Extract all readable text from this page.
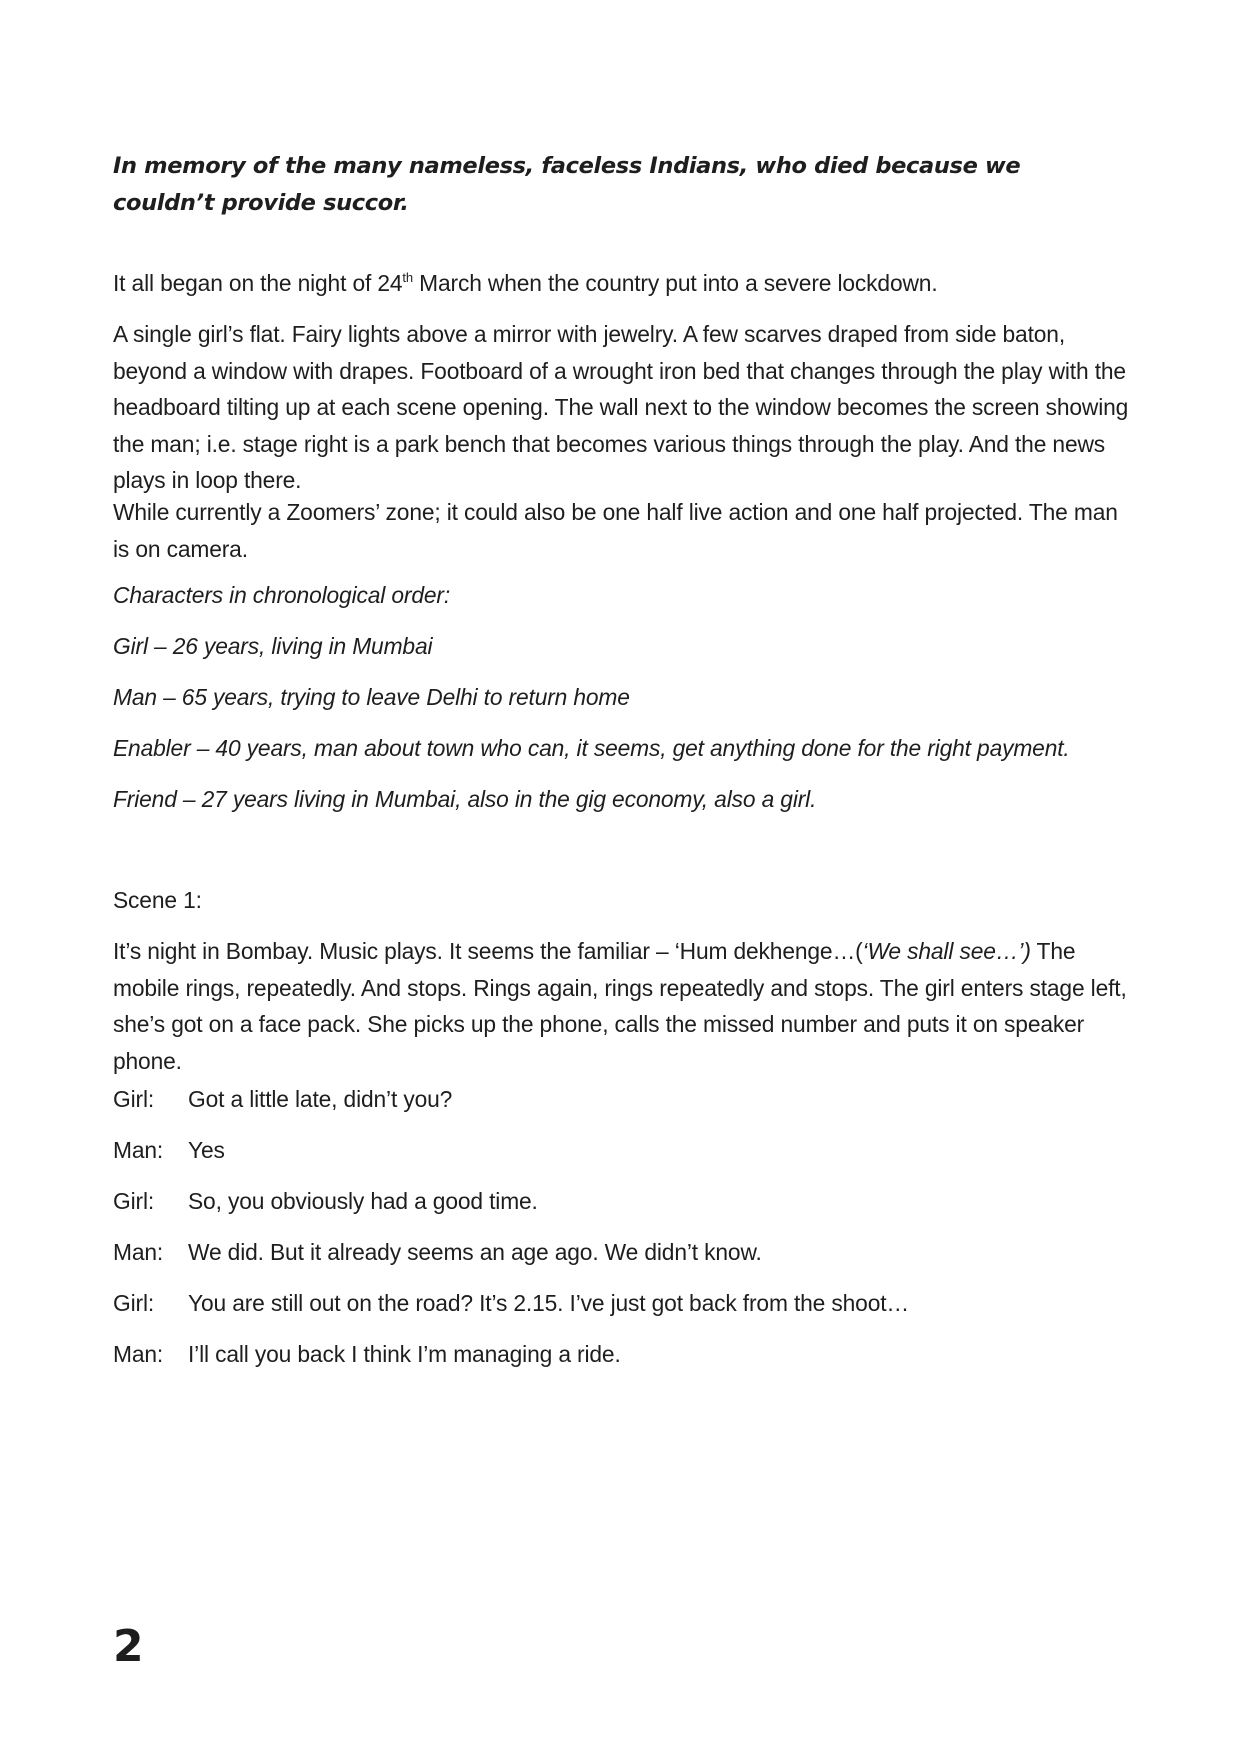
In memory of the many nameless, faceless Indians, who died because we couldn’t provide succor.

It all began on the night of 24th March when the country put into a severe lockdown.

A single girl’s flat. Fairy lights above a mirror with jewelry. A few scarves draped from side baton, beyond a window with drapes. Footboard of a wrought iron bed that changes through the play with the headboard tilting up at each scene opening. The wall next to the window becomes the screen showing the man; i.e. stage right is a park bench that becomes various things through the play. And the news plays in loop there.

While currently a Zoomers’ zone; it could also be one half live action and one half projected. The man is on camera.

Characters in chronological order:

Girl – 26 years, living in Mumbai

Man – 65 years, trying to leave Delhi to return home

Enabler – 40 years, man about town who can, it seems, get anything done for the right payment.

Friend – 27 years living in Mumbai, also in the gig economy, also a girl.

Scene 1:

It’s night in Bombay. Music plays. It seems the familiar – ‘Hum dekhenge…(‘We shall see…’) The mobile rings, repeatedly. And stops. Rings again, rings repeatedly and stops. The girl enters stage left, she’s got on a face pack. She picks up the phone, calls the missed number and puts it on speaker phone.

Girl:	Got a little late, didn’t you?

Man:	Yes

Girl:	So, you obviously had a good time.

Man:	We did. But it already seems an age ago. We didn’t know.

Girl:	You are still out on the road? It’s 2.15. I’ve just got back from the shoot…

Man:	I’ll call you back I think I’m managing a ride.

2
